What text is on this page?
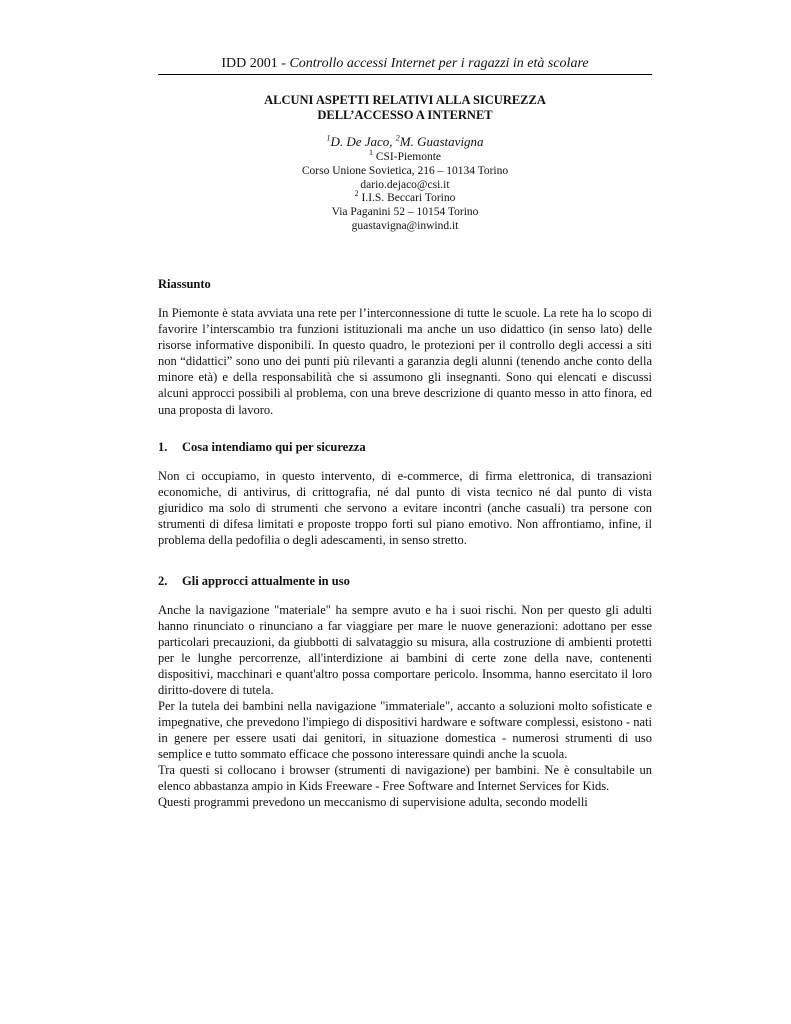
IDD 2001 - Controllo accessi Internet per i ragazzi in età scolare
ALCUNI ASPETTI RELATIVI ALLA SICUREZZA
DELL’ACCESSO A INTERNET
$^1$D. De Jaco, $^2$M. Guastavigna
$^1$ CSI-Piemonte
Corso Unione Sovietica, 216 – 10134 Torino
dario.dejaco@csi.it
$^2$ I.I.S. Beccari Torino
Via Paganini 52 – 10154 Torino
guastavigna@inwind.it
Riassunto

In Piemonte è stata avviata una rete per l’interconnessione di tutte le scuole. La rete ha lo scopo di favorire l’interscambio tra funzioni istituzionali ma anche un uso didattico (in senso lato) delle risorse informative disponibili. In questo quadro, le protezioni per il controllo degli accessi a siti non “didattici” sono uno dei punti più rilevanti a garanzia degli alunni (tenendo anche conto della minore età) e della responsabilità che si assumono gli insegnanti. Sono qui elencati e discussi alcuni approcci possibili al problema, con una breve descrizione di quanto messo in atto finora, ed una proposta di lavoro.

1. Cosa intendiamo qui per sicurezza

Non ci occupiamo, in questo intervento, di e-commerce, di firma elettronica, di transazioni economiche, di antivirus, di crittografia, né dal punto di vista tecnico né dal punto di vista giuridico ma solo di strumenti che servono a evitare incontri (anche casuali) tra persone con strumenti di difesa limitati e proposte troppo forti sul piano emotivo. Non affrontiamo, infine, il problema della pedofilia o degli adescamenti, in senso stretto.

2. Gli approcci attualmente in uso

Anche la navigazione "materiale" ha sempre avuto e ha i suoi rischi. Non per questo gli adulti hanno rinunciato o rinunciano a far viaggiare per mare le nuove generazioni: adottano per esse particolari precauzioni, da giubbotti di salvataggio su misura, alla costruzione di ambienti protetti per le lunghe percorrenze, all'interdizione ai bambini di certe zone della nave, contenenti dispositivi, macchinari e quant'altro possa comportare pericolo. Insomma, hanno esercitato il loro diritto-dovere di tutela.

Per la tutela dei bambini nella navigazione "immateriale", accanto a soluzioni molto sofisticate e impegnative, che prevedono l'impiego di dispositivi hardware e software complessi, esistono - nati in genere per essere usati dai genitori, in situazione domestica - numerosi strumenti di uso semplice e tutto sommato efficace che possono interessare quindi anche la scuola.

Tra questi si collocano i browser (strumenti di navigazione) per bambini. Ne è consultabile un elenco abbastanza ampio in Kids Freeware - Free Software and Internet Services for Kids.

Questi programmi prevedono un meccanismo di supervisione adulta, secondo modelli
